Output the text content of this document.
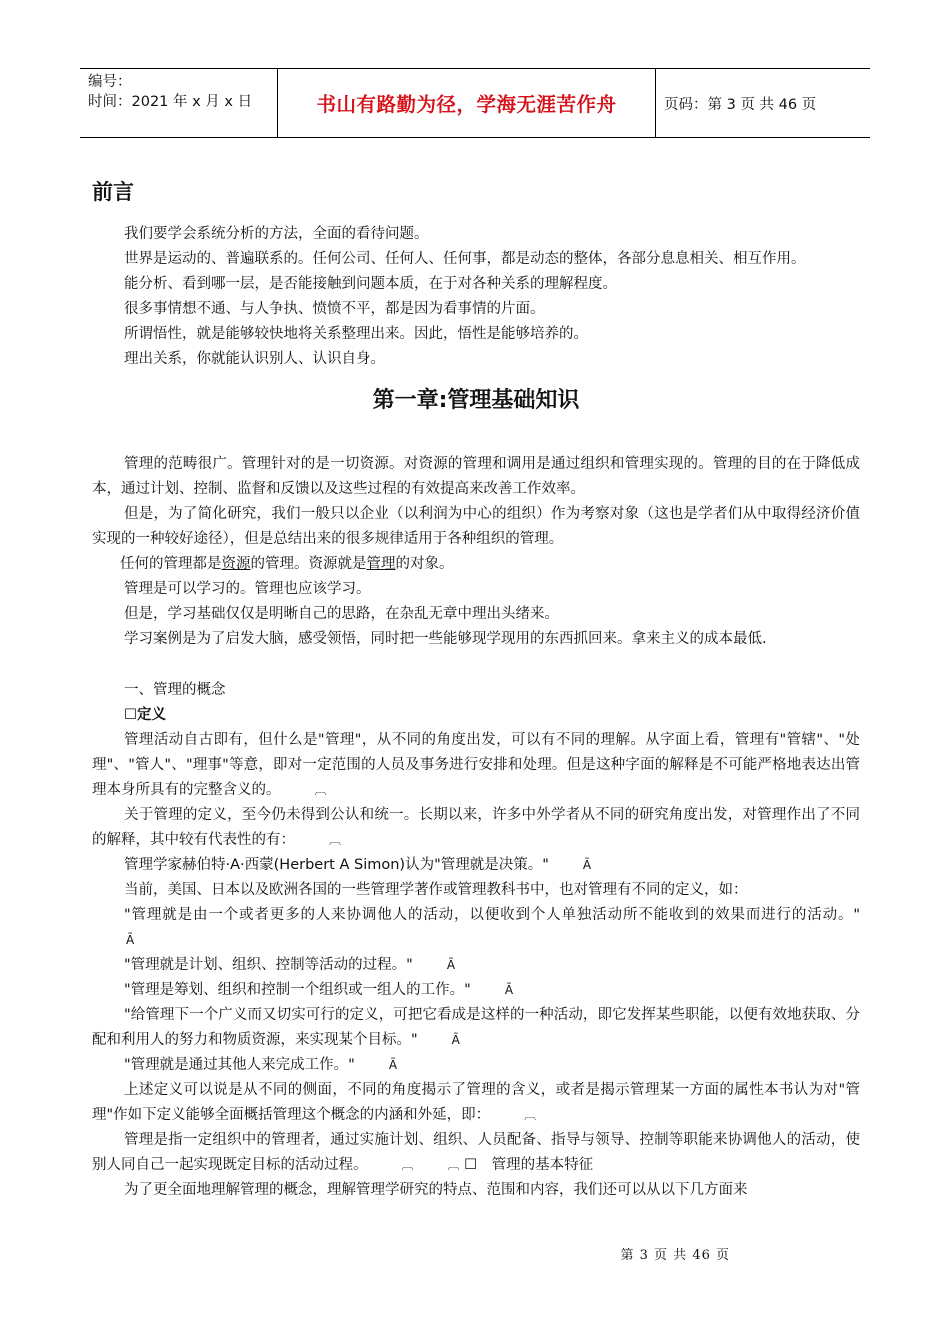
编号：
时间：2021 年 x 月 x 日	书山有路勤为径，学海无涯苦作舟	页码：第 3 页 共 46 页
前言

我们要学会系统分析的方法，全面的看待问题。

世界是运动的、普遍联系的。任何公司、任何人、任何事，都是动态的整体，各部分息息相关、相互作用。

能分析、看到哪一层，是否能接触到问题本质，在于对各种关系的理解程度。

很多事情想不通、与人争执、愤愤不平，都是因为看事情的片面。

所谓悟性，就是能够较快地将关系整理出来。因此，悟性是能够培养的。

理出关系，你就能认识别人、认识自身。

第一章:管理基础知识

管理的范畴很广。管理针对的是一切资源。对资源的管理和调用是通过组织和管理实现的。管理的目的在于降低成本，通过计划、控制、监督和反馈以及这些过程的有效提高来改善工作效率。

但是，为了简化研究，我们一般只以企业（以利润为中心的组织）作为考察对象（这也是学者们从中取得经济价值实现的一种较好途径），但是总结出来的很多规律适用于各种组织的管理。

任何的管理都是资源的管理。资源就是管理的对象。

管理是可以学习的。管理也应该学习。

但是，学习基础仅仅是明晰自己的思路，在杂乱无章中理出头绪来。

学习案例是为了启发大脑，感受领悟，同时把一些能够现学现用的东西抓回来。拿来主义的成本最低.

一、管理的概念

☐定义

管理活动自古即有，但什么是"管理"，从不同的角度出发，可以有不同的理解。从字面上看，管理有"管辖"、"处理"、"管人"、"理事"等意，即对一定范围的人员及事务进行安排和处理。但是这种字面的解释是不可能严格地表达出管理本身所具有的完整含义的。	︹

关于管理的定义，至今仍未得到公认和统一。长期以来，许多中外学者从不同的研究角度出发，对管理作出了不同的解释，其中较有代表性的有：	︹

管理学家赫伯特·A·西蒙(Herbert A Simon)认为"管理就是决策。"	Ã

当前，美国、日本以及欧洲各国的一些管理学著作或管理教科书中，也对管理有不同的定义，如：

"管理就是由一个或者更多的人来协调他人的活动，以便收到个人单独活动所不能收到的效果而进行的活动。"Ã

"管理就是计划、组织、控制等活动的过程。"	Ã

"管理是筹划、组织和控制一个组织或一组人的工作。"	Ã

"给管理下一个广义而又切实可行的定义，可把它看成是这样的一种活动，即它发挥某些职能，以便有效地获取、分配和利用人的努力和物质资源，来实现某个目标。"	Ã

"管理就是通过其他人来完成工作。"	Ã

上述定义可以说是从不同的侧面，不同的角度揭示了管理的含义，或者是揭示管理某一方面的属性本书认为对"管理"作如下定义能够全面概括管理这个概念的内涵和外延，即：	︹

管理是指一定组织中的管理者，通过实施计划、组织、人员配备、指导与领导、控制等职能来协调他人的活动，使别人同自己一起实现既定目标的活动过程。	︹	︹ ☐　管理的基本特征

为了更全面地理解管理的概念，理解管理学研究的特点、范围和内容，我们还可以从以下几方面来

第 3 页 共 46 页
